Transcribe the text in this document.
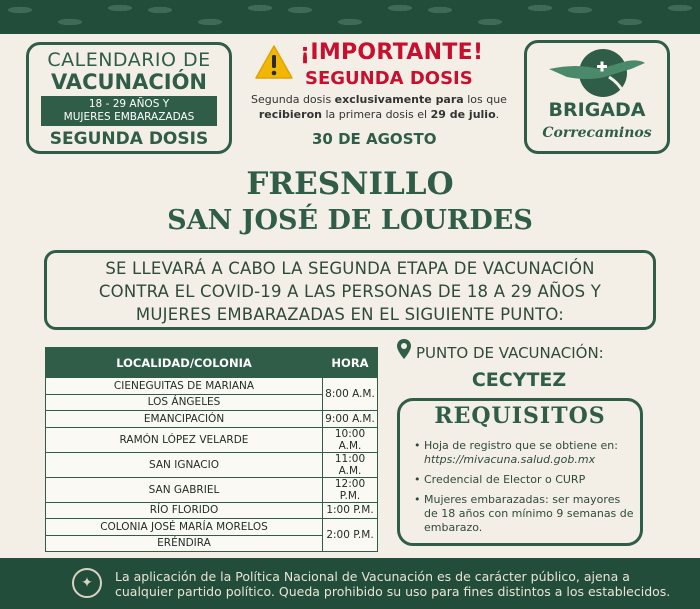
CALENDARIO DE
VACUNACIÓN
18 - 29 AÑOS Y
MUJERES EMBARAZADAS
SEGUNDA DOSIS
¡IMPORTANTE!
SEGUNDA DOSIS
Segunda dosis exclusivamente para los que recibieron la primera dosis el 29 de julio.
30 DE AGOSTO
BRIGADA
Correcaminos
FRESNILLO
SAN JOSÉ DE LOURDES
SE LLEVARÁ A CABO LA SEGUNDA ETAPA DE VACUNACIÓN
CONTRA EL COVID-19 A LAS PERSONAS DE 18 A 29 AÑOS Y
MUJERES EMBARAZADAS EN EL SIGUIENTE PUNTO:
LOCALIDAD/COLONIA	HORA
CIENEGUITAS DE MARIANA	8:00 A.M.
LOS ÁNGELES	
EMANCIPACIÓN	9:00 A.M.
RAMÓN LÓPEZ VELARDE	10:00 A.M.
SAN IGNACIO	11:00 A.M.
SAN GABRIEL	12:00 P.M.
RÍO FLORIDO	1:00 P.M.
COLONIA JOSÉ MARÍA MORELOS	2:00 P.M.
ERÉNDIRA	
PUNTO DE VACUNACIÓN:
CECYTEZ
REQUISITOS
• Hoja de registro que se obtiene en: https://mivacuna.salud.gob.mx
• Credencial de Elector o CURP
• Mujeres embarazadas: ser mayores de 18 años con mínimo 9 semanas de embarazo.
✦	La aplicación de la Política Nacional de Vacunación es de carácter público, ajena a cualquier partido político. Queda prohibido su uso para fines distintos a los establecidos.
